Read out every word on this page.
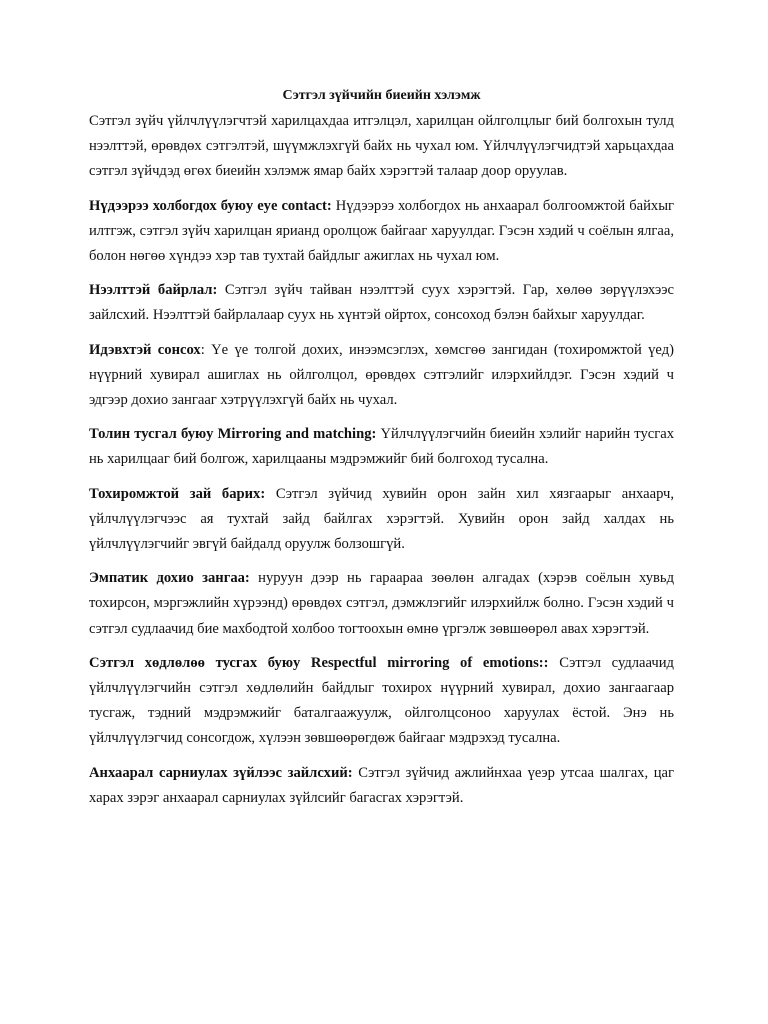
Сэтгэл зүйчийн биеийн хэлэмж

Сэтгэл зүйч үйлчлүүлэгчтэй харилцахдаа итгэлцэл, харилцан ойлголцлыг бий болгохын тулд нээлттэй, өрөвдөх сэтгэлтэй, шүүмжлэхгүй байх нь чухал юм. Үйлчлүүлэгчидтэй харьцахдаа сэтгэл зүйчдэд өгөх биеийн хэлэмж ямар байх хэрэгтэй талаар доор оруулав.

Нүдээрээ холбогдох буюу eye contact: Нүдээрээ холбогдох нь анхаарал болгоомжтой байхыг илтгэж, сэтгэл зүйч харилцан ярианд оролцож байгааг харуулдаг. Гэсэн хэдий ч соёлын ялгаа, болон нөгөө хүндээ хэр тав тухтай байдлыг ажиглах нь чухал юм.

Нээлттэй байрлал: Сэтгэл зүйч тайван нээлттэй суух хэрэгтэй. Гар, хөлөө зөрүүлэхээс зайлсхий. Нээлттэй байрлалаар суух нь хүнтэй ойртох, сонсоход бэлэн байхыг харуулдаг.

Идэвхтэй сонсох: Үе үе толгой дохих, инээмсэглэх, хөмсгөө зангидан (тохиромжтой үед) нүүрний хувирал ашиглах нь ойлголцол, өрөвдөх сэтгэлийг илэрхийлдэг. Гэсэн хэдий ч эдгээр дохио зангааг хэтрүүлэхгүй байх нь чухал.

Толин тусгал буюу Mirroring and matching: Үйлчлүүлэгчийн биеийн хэлийг нарийн тусгах нь харилцааг бий болгож, харилцааны мэдрэмжийг бий болгоход тусална.

Тохиромжтой зай барих: Сэтгэл зүйчид хувийн орон зайн хил хязгаарыг анхаарч, үйлчлүүлэгчээс ая тухтай зайд байлгах хэрэгтэй. Хувийн орон зайд халдах нь үйлчлүүлэгчийг эвгүй байдалд оруулж болзошгүй.

Эмпатик дохио зангаа: нуруун дээр нь гараараа зөөлөн алгадах (хэрэв соёлын хувьд тохирсон, мэргэжлийн хүрээнд) өрөвдөх сэтгэл, дэмжлэгийг илэрхийлж болно. Гэсэн хэдий ч сэтгэл судлаачид бие махбодтой холбоо тогтоохын өмнө үргэлж зөвшөөрөл авах хэрэгтэй.

Сэтгэл хөдлөлөө тусгах буюу Respectful mirroring of emotions:: Сэтгэл судлаачид үйлчлүүлэгчийн сэтгэл хөдлөлийн байдлыг тохирох нүүрний хувирал, дохио зангаагаар тусгаж, тэдний мэдрэмжийг баталгаажуулж, ойлголцсоноо харуулах ёстой. Энэ нь үйлчлүүлэгчид сонсогдож, хүлээн зөвшөөрөгдөж байгааг мэдрэхэд тусална.

Анхаарал сарниулах зүйлээс зайлсхий: Сэтгэл зүйчид ажлийнхаа үеэр утсаа шалгах, цаг харах зэрэг анхаарал сарниулах зүйлсийг багасгах хэрэгтэй.
